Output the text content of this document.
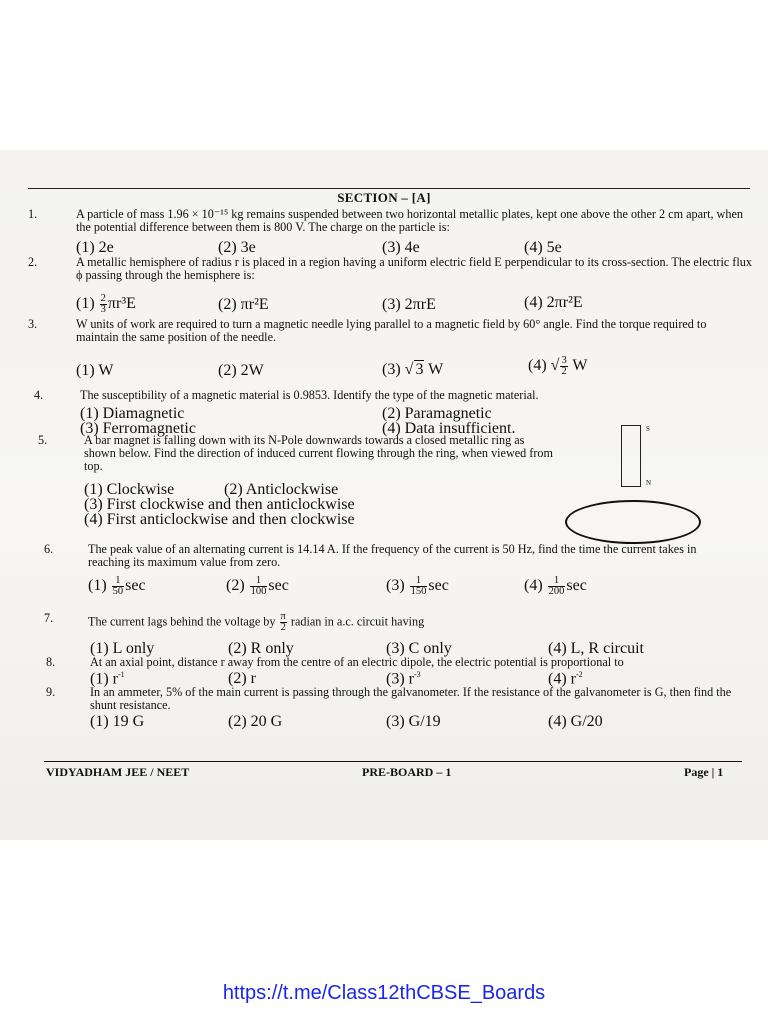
SECTION – [A]
1.	A particle of mass 1.96 × 10⁻¹⁵ kg remains suspended between two horizontal metallic plates, kept one above the other 2 cm apart, when the potential difference between them is 800 V. The charge on the particle is:
(1) 2e	(2) 3e	(3) 4e	(4) 5e
2.	A metallic hemisphere of radius r is placed in a region having a uniform electric field E perpendicular to its cross-section. The electric flux ϕ passing through the hemisphere is:
$(1) \frac{2}{3} \pi r^3E$	(2) πr²E	(3) 2πrE	(4) 2πr²E
3.	W units of work are required to turn a magnetic needle lying parallel to a magnetic field by 60° angle. Find the torque required to maintain the same position of the needle.
(1) W	(2) 2W	(3) √ 3 W	(4) √ $\frac{3}{2}$ W
4.	The susceptibility of a magnetic material is 0.9853. Identify the type of the magnetic material.
(1) Diamagnetic	(2) Paramagnetic
(3) Ferromagnetic	(4) Data insufficient.
5.	A bar magnet is falling down with its N-Pole downwards towards a closed metallic ring as shown below. Find the direction of induced current flowing through the ring, when viewed from top.
(1) Clockwise	(2) Anticlockwise
(3) First clockwise and then anticlockwise
(4) First anticlockwise and then clockwise
S
N
6.	The peak value of an alternating current is 14.14 A. If the frequency of the current is 50 Hz, find the time the current takes in reaching its maximum value from zero.
$(1) \frac{1}{50}$ sec	$(2) \frac{1}{100}$ sec	$(3) \frac{1}{150}$ sec	$(4) \frac{1}{200}$ sec
7.	The current lags behind the voltage by $\frac{\pi}{2}$ radian in a.c. circuit having
(1) L only	(2) R only	(3) C only	(4) L, R circuit
8.	At an axial point, distance r away from the centre of an electric dipole, the electric potential is proportional to
(1) $r^{-1}$	(2) r	(3) $r^{-3}$	(4) $r^{-2}$
9.	In an ammeter, 5% of the main current is passing through the galvanometer. If the resistance of the galvanometer is G, then find the shunt resistance.
(1) 19 G	(2) 20 G	(3) G/19	(4) G/20
VIDYADHAM JEE / NEET	PRE-BOARD – 1	Page | 1
https://t.me/Class12thCBSE_Boards
